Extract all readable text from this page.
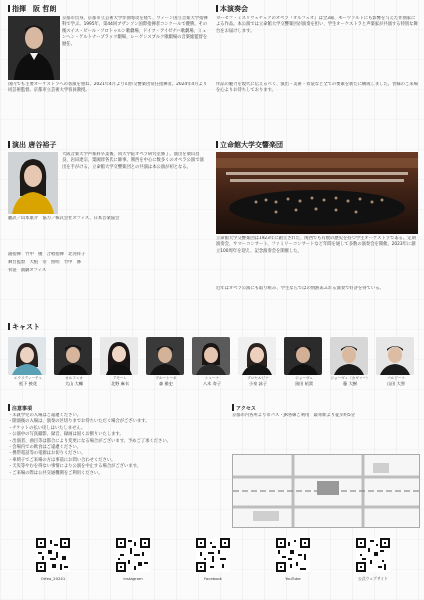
指揮　阪 哲朗
京都市出身。京都市立芸術大学作曲専攻を経て、ウィーン国立音楽大学指揮科で学ぶ。1995年、第44回ブザンソン国際指揮者コンクールで優勝。その後スイス・ビール・ソロトゥルン歌劇場、ドイツ・アイゼナハ歌劇場、ミュンヘン・ゲルトナープラッツ劇場、レーゲンスブルク歌劇場の音楽総監督を歴任。
国内でも主要オーケストラへの客演を重ね、2021年4月より山形交響楽団常任指揮者。2024年4月より同芸術監督。京都市立芸術大学客員教授。
演出 唐谷裕子
大阪音楽大学声楽科卒業後、同大学院オペラ研究室修了。演出を栗山昌良、岩田達宗、粟國淳各氏に師事。関西を中心に数多くのオペラ公演で演出を手がける。立命館大学交響楽団との共演は本公演が初となる。
翻訳／山本康介　協力／株式会社オフィス、日本音楽協会
副指揮　竹中　優　合唱指揮　北河祥子
舞台監督　大植　崇　照明　竹中　修
衣裳　演劇オフィス
本演奏会
ヨーゼフ・ミスリヴェチェクのオペラ『オルフェオ』は全3幕、モーツァルトにも影響を与えた作曲家による作品。本公演では立命館大学交響楽団が演奏を担い、学生オーケストラと声楽家が共演する特別な舞台をお届けします。
作品の魅力を現代に伝えるべく、演出・美術・衣裳など全ての要素を新たに構成しました。皆様のご来場を心よりお待ちしております。
立命館大学交響楽団
立命館大学交響楽団は1923年に創立された、関西でも有数の歴史を持つ学生オーケストラである。定期演奏会、サマーコンサート、ファミリーコンサートなど年間を通して多数の演奏会を開催。2023年に創立100周年を迎え、記念演奏会を開催した。
近年はオペラ公演にも取り組み、学生ならではの情熱あふれる演奏で好評を得ている。
キャスト
エウリディーチェ
松下 綾花
オルフェオ
大山 大輔
アモーレ
北野 麻衣
プルートーネ
森 雅史
シェーナ
八木 寿子
プロセルピナ
小泉 詠子
ジョーヴェ
黒田 祐貴
ジョーヴェ（カヴァー）
藤 大樹
バルピーコ
山田 大智
注意事項

・未就学児の入場はご遠慮ください。

・開演後の入場は、演奏の区切りまでお待ちいただく場合がございます。

・チケットの払い戻しはいたしません。

・公演中の写真撮影、録音、録画は固くお断りいたします。

・出演者、曲目等は都合により変更になる場合がございます。予めご了承ください。

・会場内での飲食はご遠慮ください。

・携帯電話等の電源はお切りください。

・車椅子でご来場の方は事前にお問い合わせください。

・天災等やむを得ない事情により公演を中止する場合がございます。

・ご来場の際は公共交通機関をご利用ください。

アクセス
京都市内各所より市バス・JR各線ご利用　最寄駅より徒歩約5分
Orfeo_20241	Instagram	Facebook	YouTube	公式ウェブサイト
